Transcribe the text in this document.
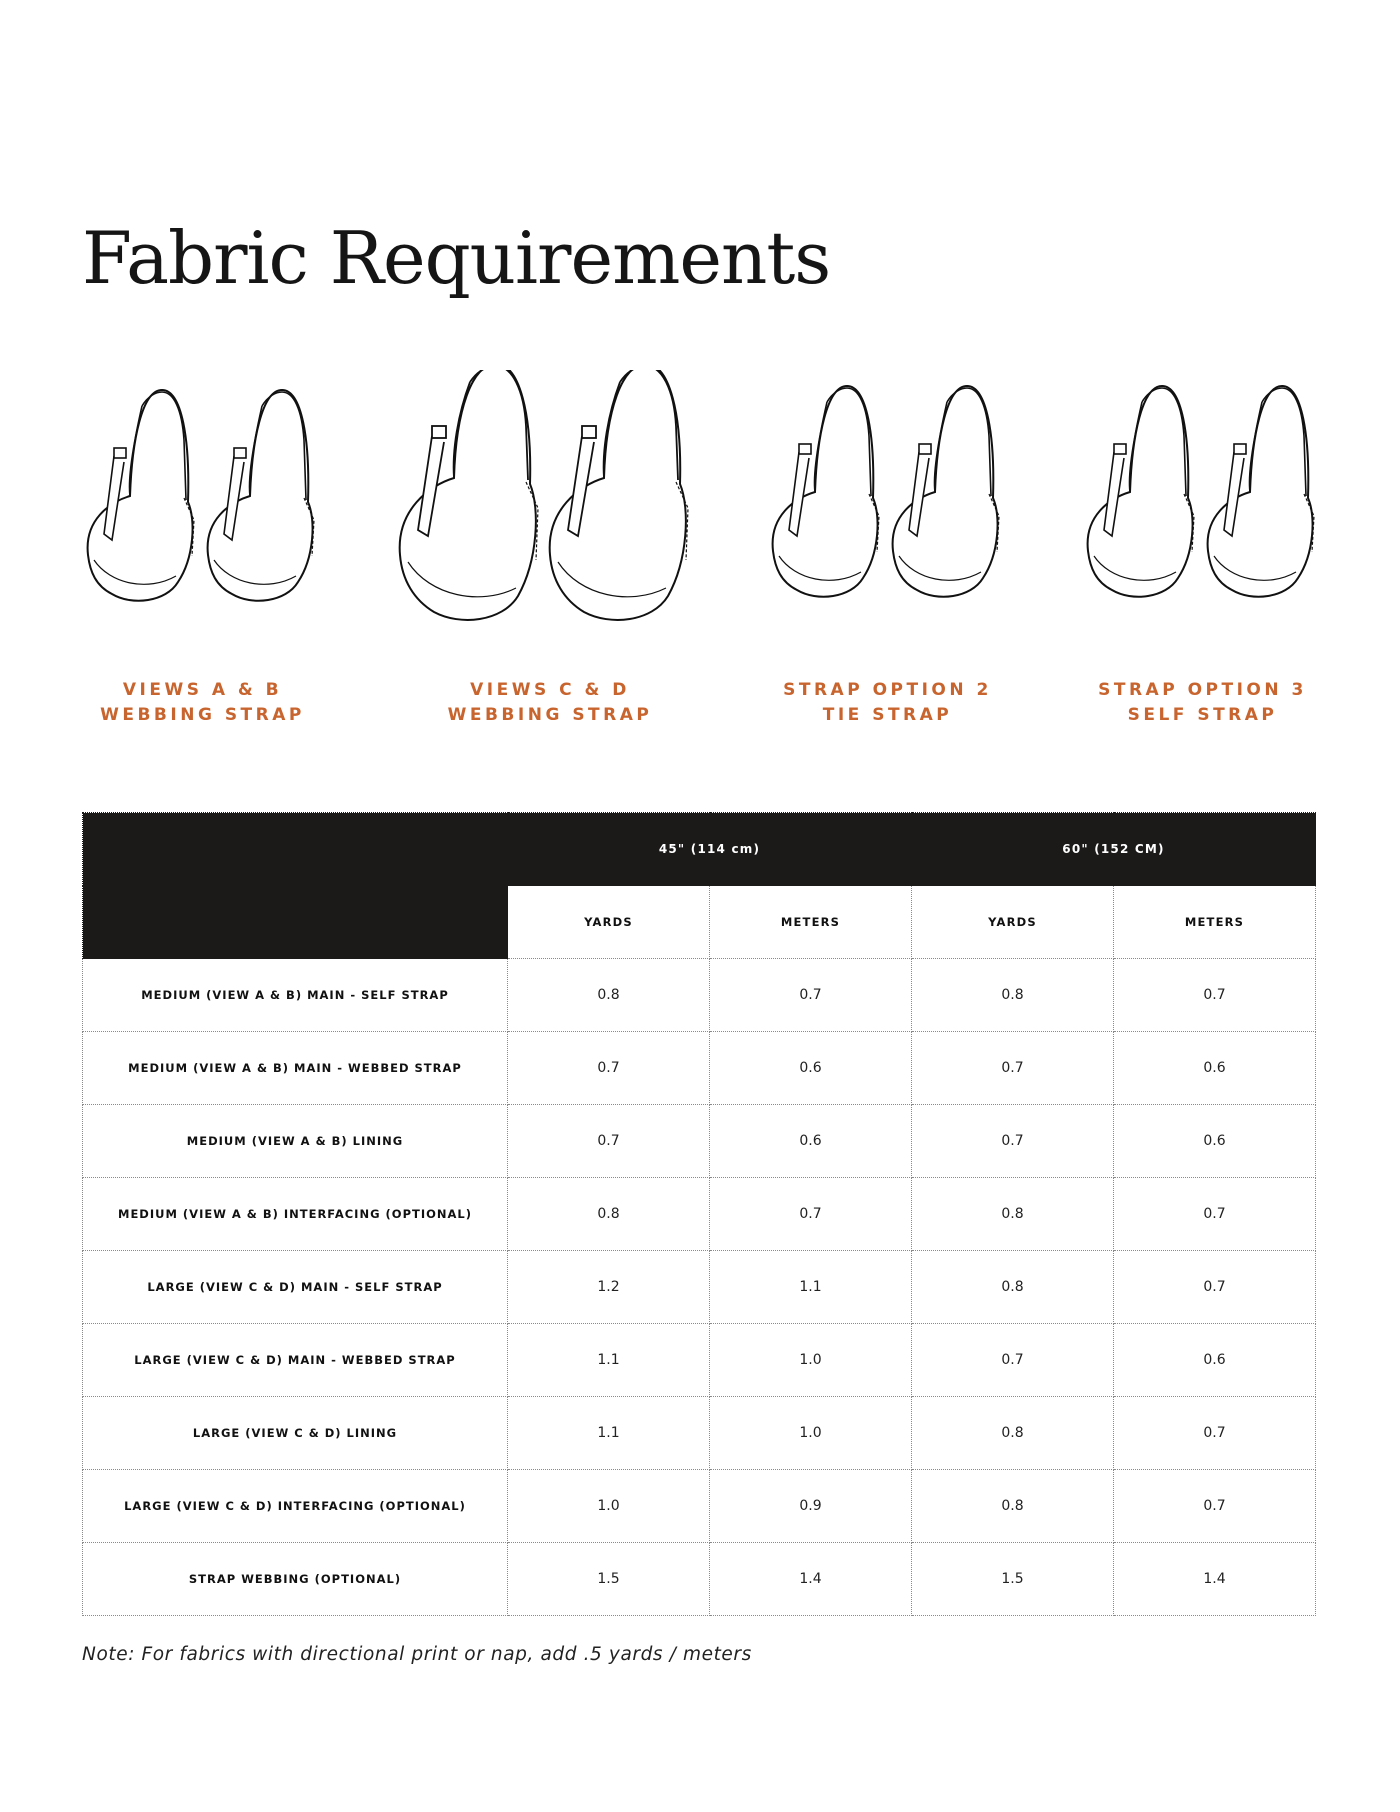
Fabric Requirements
VIEWS A & B
WEBBING STRAP
VIEWS C & D
WEBBING STRAP
STRAP OPTION 2
TIE STRAP
STRAP OPTION 3
SELF STRAP
	45" (114 cm)		60" (152 CM)	
	YARDS	METERS	YARDS	METERS
MEDIUM (VIEW A & B) MAIN - SELF STRAP	0.8	0.7	0.8	0.7
MEDIUM (VIEW A & B) MAIN - WEBBED STRAP	0.7	0.6	0.7	0.6
MEDIUM (VIEW A & B) LINING	0.7	0.6	0.7	0.6
MEDIUM (VIEW A & B) INTERFACING (OPTIONAL)	0.8	0.7	0.8	0.7
LARGE (VIEW C & D) MAIN - SELF STRAP	1.2	1.1	0.8	0.7
LARGE (VIEW C & D) MAIN - WEBBED STRAP	1.1	1.0	0.7	0.6
LARGE (VIEW C & D) LINING	1.1	1.0	0.8	0.7
LARGE (VIEW C & D) INTERFACING (OPTIONAL)	1.0	0.9	0.8	0.7
STRAP WEBBING (OPTIONAL)	1.5	1.4	1.5	1.4
Note: For fabrics with directional print or nap, add .5 yards / meters
